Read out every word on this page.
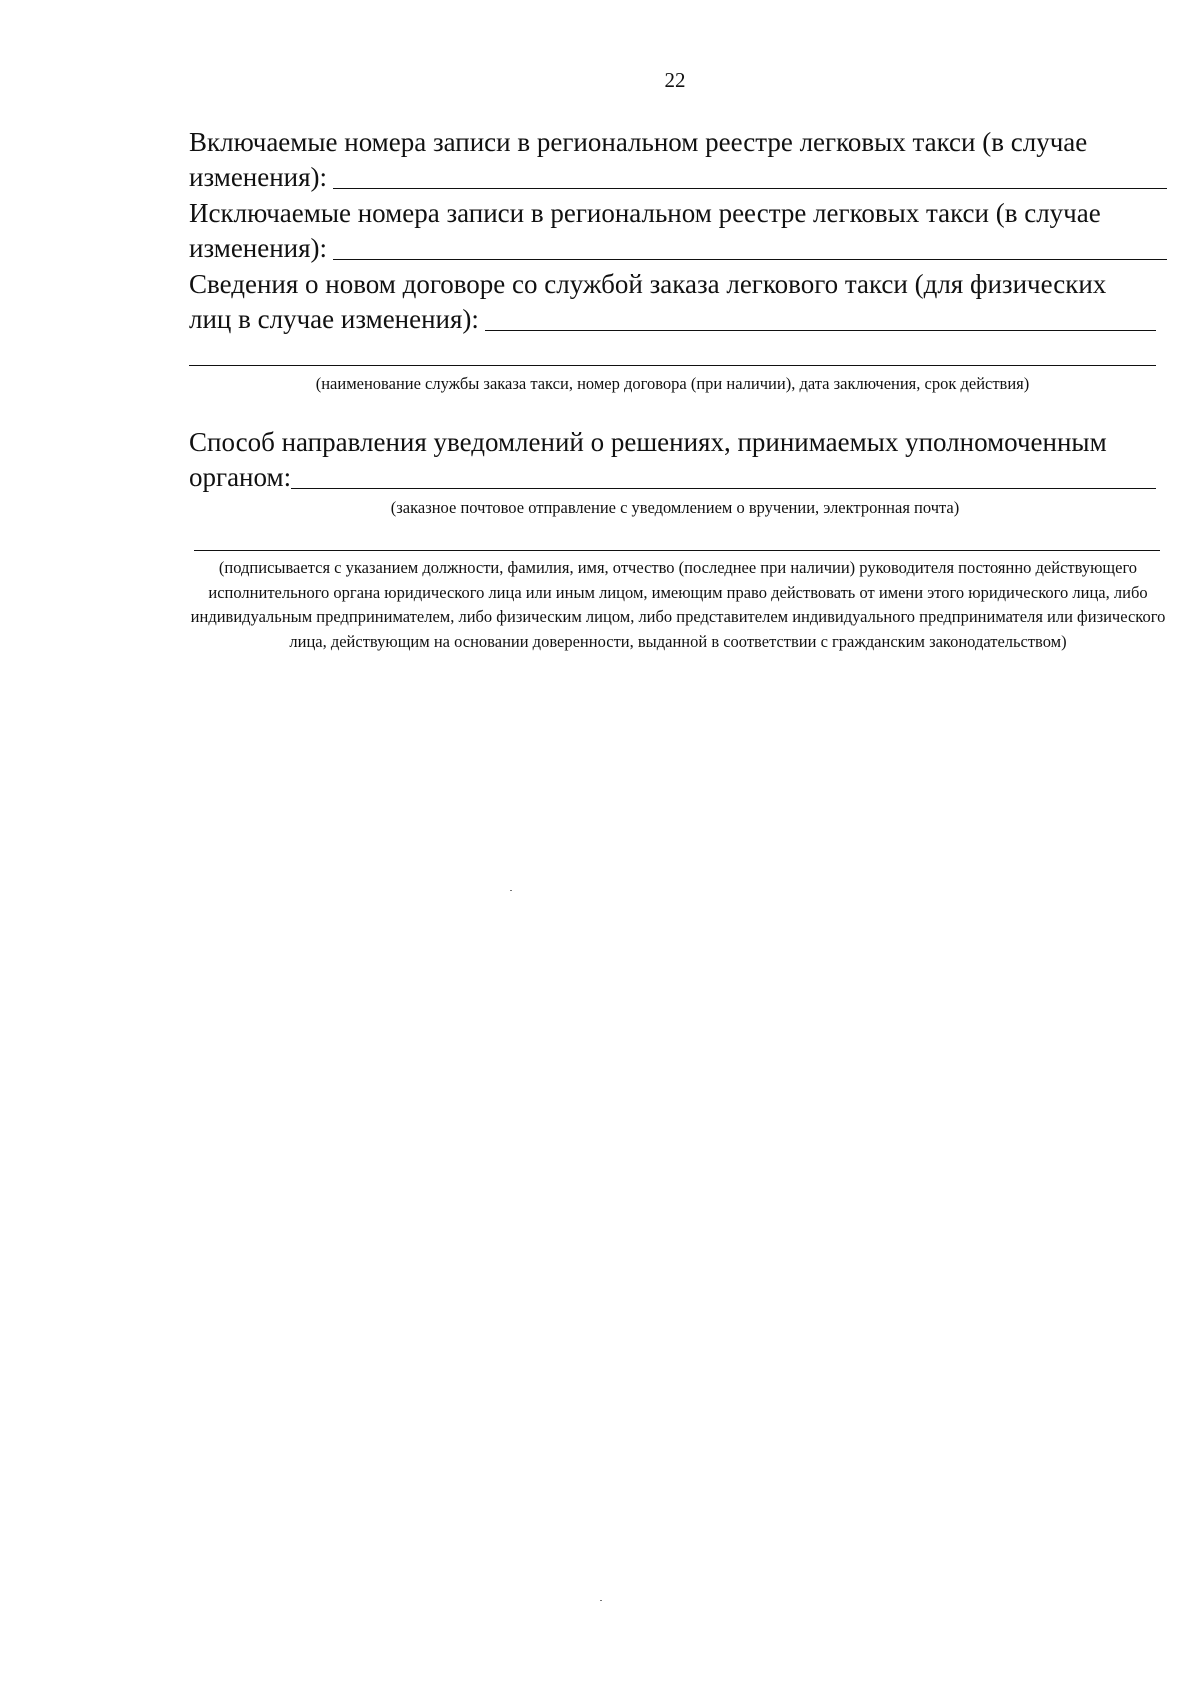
22
Включаемые номера записи в региональном реестре легковых такси (в случае
изменения):
Исключаемые номера записи в региональном реестре легковых такси (в случае
изменения):
Сведения о новом договоре со службой заказа легкового такси (для физических
лиц в случае изменения):
(наименование службы заказа такси, номер договора (при наличии), дата заключения, срок действия)
Способ направления уведомлений о решениях, принимаемых уполномоченным
органом:
(заказное почтовое отправление с уведомлением о вручении, электронная почта)
(подписывается с указанием должности, фамилия, имя, отчество (последнее при наличии) руководителя постоянно действующего исполнительного органа юридического лица или иным лицом, имеющим право действовать от имени этого юридического лица, либо индивидуальным предпринимателем, либо физическим лицом, либо представителем индивидуального предпринимателя или физического лица, действующим на основании доверенности, выданной в соответствии с гражданским законодательством)
